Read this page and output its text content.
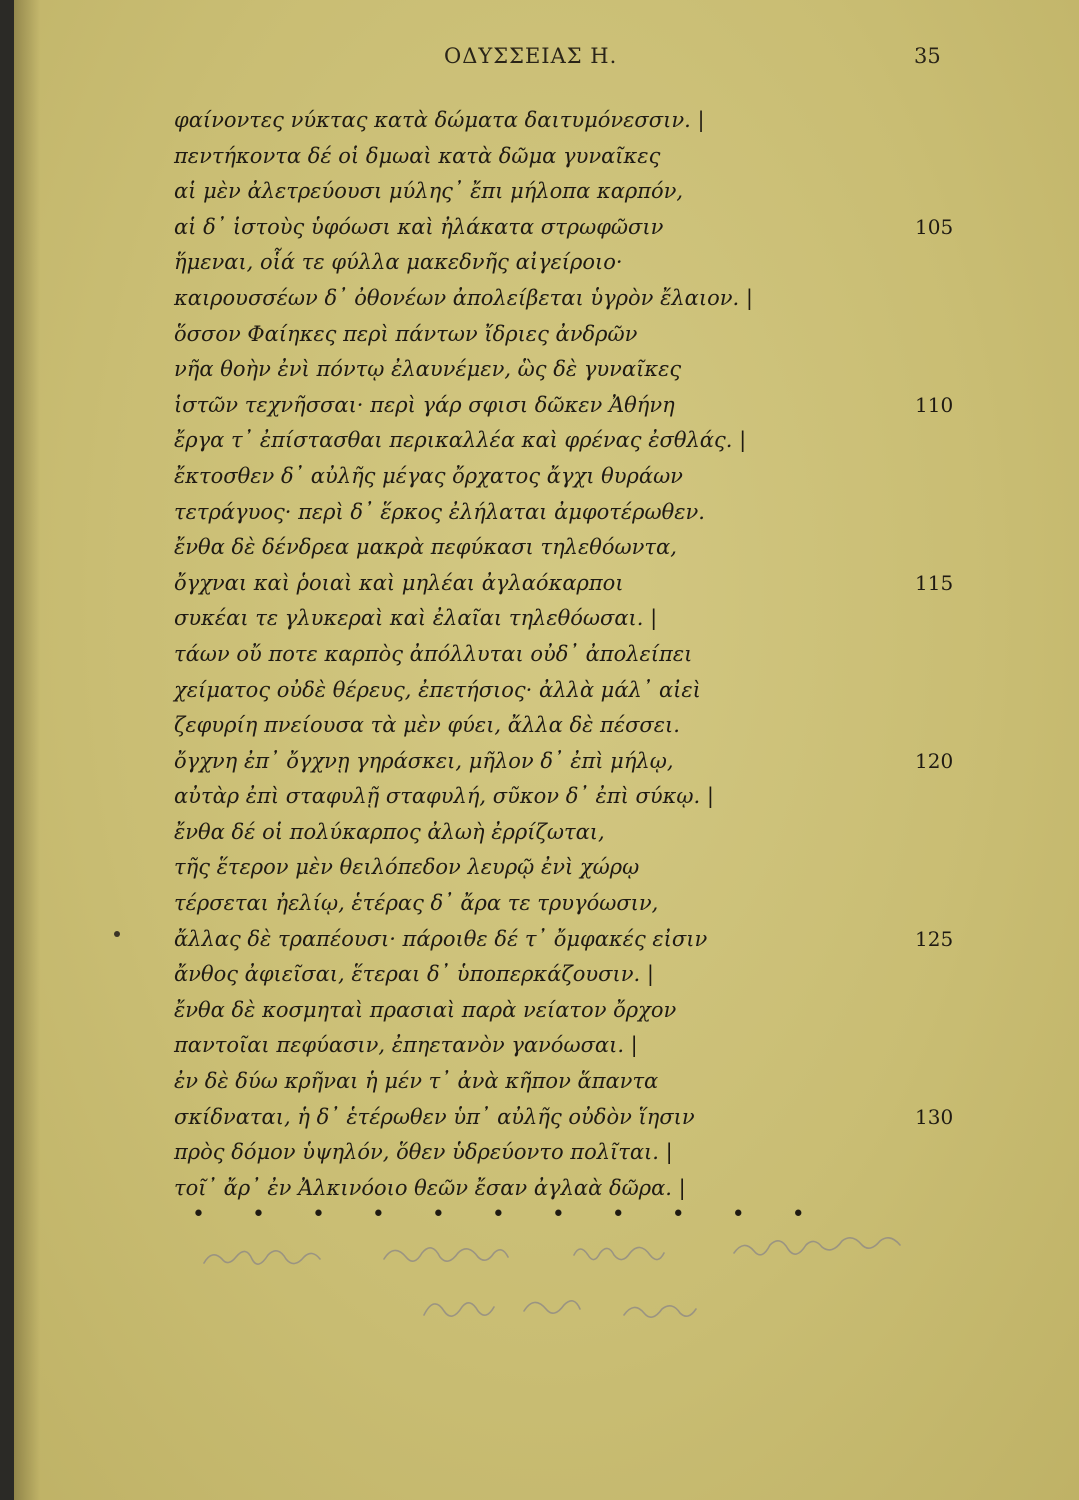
ΟΔΥΣΣΕΙΑΣ Η.	35
φαίνοντες νύκτας κατὰ δώματα δαιτυμόνεσσιν. |
πεντήκοντα δέ οἱ δμωαὶ κατὰ δῶμα γυναῖκες
αἱ μὲν ἀλετρεύουσι μύλης᾽ ἔπι μήλοπα καρπόν,
αἱ δ᾽ ἱστοὺς ὑφόωσι καὶ ἠλάκατα στρωφῶσιν	105
ἥμεναι, οἷά τε φύλλα μακεδνῆς αἰγείροιο·
καιρουσσέων δ᾽ ὀθονέων ἀπολείβεται ὑγρὸν ἔλαιον. |
ὅσσον Φαίηκες περὶ πάντων ἴδριες ἀνδρῶν
νῆα θοὴν ἐνὶ πόντῳ ἐλαυνέμεν, ὣς δὲ γυναῖκες
ἱστῶν τεχνῆσσαι· περὶ γάρ σφισι δῶκεν Ἀθήνη	110
ἔργα τ᾽ ἐπίστασθαι περικαλλέα καὶ φρένας ἐσθλάς. |
ἔκτοσθεν δ᾽ αὐλῆς μέγας ὄρχατος ἄγχι θυράων
τετράγυος· περὶ δ᾽ ἕρκος ἐλήλαται ἀμφοτέρωθεν.
ἔνθα δὲ δένδρεα μακρὰ πεφύκασι τηλεθόωντα,
ὄγχναι καὶ ῥοιαὶ καὶ μηλέαι ἀγλαόκαρποι	115
συκέαι τε γλυκεραὶ καὶ ἐλαῖαι τηλεθόωσαι. |
τάων οὔ ποτε καρπὸς ἀπόλλυται οὐδ᾽ ἀπολείπει
χείματος οὐδὲ θέρευς, ἐπετήσιος· ἀλλὰ μάλ᾽ αἰεὶ
ζεφυρίη πνείουσα τὰ μὲν φύει, ἄλλα δὲ πέσσει.
ὄγχνη ἐπ᾽ ὄγχνῃ γηράσκει, μῆλον δ᾽ ἐπὶ μήλῳ,	120
αὐτὰρ ἐπὶ σταφυλῇ σταφυλή, σῦκον δ᾽ ἐπὶ σύκῳ. |
ἔνθα δέ οἱ πολύκαρπος ἀλωὴ ἐρρίζωται,
τῆς ἕτερον μὲν θειλόπεδον λευρῷ ἐνὶ χώρῳ
τέρσεται ἠελίῳ, ἑτέρας δ᾽ ἄρα τε τρυγόωσιν,
ἄλλας δὲ τραπέουσι· πάροιθε δέ τ᾽ ὄμφακές εἰσιν	125
ἄνθος ἀφιεῖσαι, ἕτεραι δ᾽ ὑποπερκάζουσιν. |
ἔνθα δὲ κοσμηταὶ πρασιαὶ παρὰ νείατον ὄρχον
παντοῖαι πεφύασιν, ἐπηετανὸν γανόωσαι. |
ἐν δὲ δύω κρῆναι ἡ μέν τ᾽ ἀνὰ κῆπον ἅπαντα
σκίδναται, ἡ δ᾽ ἑτέρωθεν ὑπ᾽ αὐλῆς οὐδὸν ἵησιν	130
πρὸς δόμον ὑψηλόν, ὅθεν ὑδρεύοντο πολῖται. |
τοῖ᾽ ἄρ᾽ ἐν Ἀλκινόοιο θεῶν ἔσαν ἀγλαὰ δῶρα. |
• • • • • • • • • • •
